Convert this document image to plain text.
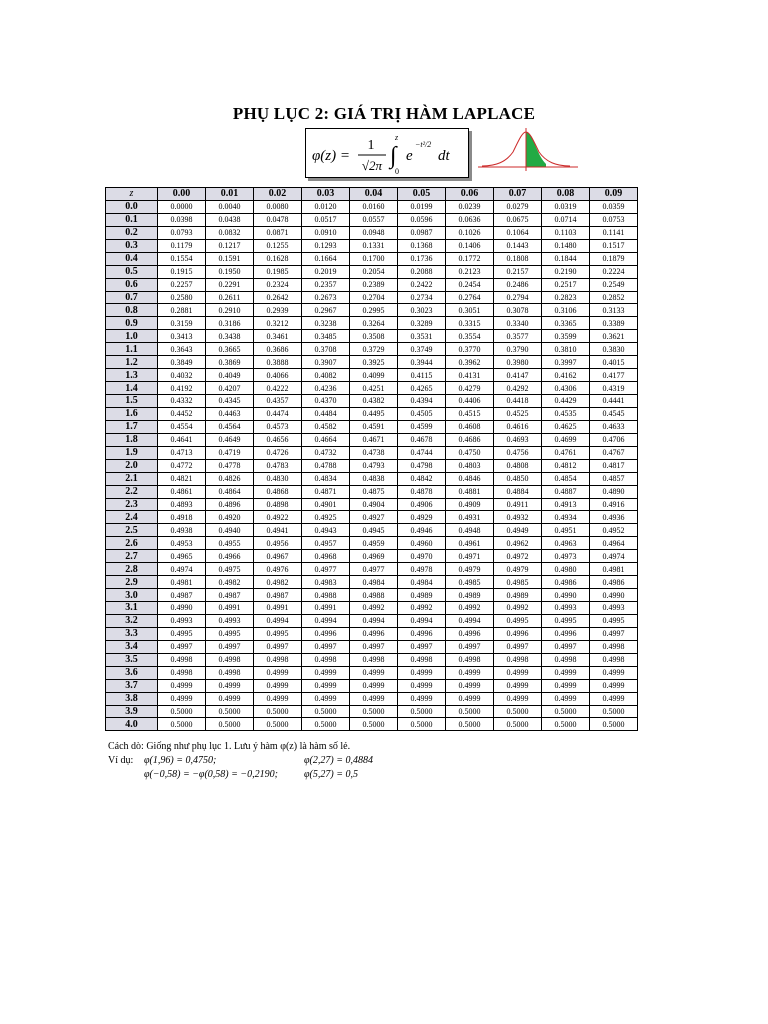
PHỤ LỤC 2: GIÁ TRỊ HÀM LAPLACE
φ(z) =
1
√2π ∫
z
0
e
−t²/2
dt
z	0.00	0.01	0.02	0.03	0.04	0.05	0.06	0.07	0.08	0.09
0.0	0.0000	0.0040	0.0080	0.0120	0.0160	0.0199	0.0239	0.0279	0.0319	0.0359
0.1	0.0398	0.0438	0.0478	0.0517	0.0557	0.0596	0.0636	0.0675	0.0714	0.0753
0.2	0.0793	0.0832	0.0871	0.0910	0.0948	0.0987	0.1026	0.1064	0.1103	0.1141
0.3	0.1179	0.1217	0.1255	0.1293	0.1331	0.1368	0.1406	0.1443	0.1480	0.1517
0.4	0.1554	0.1591	0.1628	0.1664	0.1700	0.1736	0.1772	0.1808	0.1844	0.1879
0.5	0.1915	0.1950	0.1985	0.2019	0.2054	0.2088	0.2123	0.2157	0.2190	0.2224
0.6	0.2257	0.2291	0.2324	0.2357	0.2389	0.2422	0.2454	0.2486	0.2517	0.2549
0.7	0.2580	0.2611	0.2642	0.2673	0.2704	0.2734	0.2764	0.2794	0.2823	0.2852
0.8	0.2881	0.2910	0.2939	0.2967	0.2995	0.3023	0.3051	0.3078	0.3106	0.3133
0.9	0.3159	0.3186	0.3212	0.3238	0.3264	0.3289	0.3315	0.3340	0.3365	0.3389
1.0	0.3413	0.3438	0.3461	0.3485	0.3508	0.3531	0.3554	0.3577	0.3599	0.3621
1.1	0.3643	0.3665	0.3686	0.3708	0.3729	0.3749	0.3770	0.3790	0.3810	0.3830
1.2	0.3849	0.3869	0.3888	0.3907	0.3925	0.3944	0.3962	0.3980	0.3997	0.4015
1.3	0.4032	0.4049	0.4066	0.4082	0.4099	0.4115	0.4131	0.4147	0.4162	0.4177
1.4	0.4192	0.4207	0.4222	0.4236	0.4251	0.4265	0.4279	0.4292	0.4306	0.4319
1.5	0.4332	0.4345	0.4357	0.4370	0.4382	0.4394	0.4406	0.4418	0.4429	0.4441
1.6	0.4452	0.4463	0.4474	0.4484	0.4495	0.4505	0.4515	0.4525	0.4535	0.4545
1.7	0.4554	0.4564	0.4573	0.4582	0.4591	0.4599	0.4608	0.4616	0.4625	0.4633
1.8	0.4641	0.4649	0.4656	0.4664	0.4671	0.4678	0.4686	0.4693	0.4699	0.4706
1.9	0.4713	0.4719	0.4726	0.4732	0.4738	0.4744	0.4750	0.4756	0.4761	0.4767
2.0	0.4772	0.4778	0.4783	0.4788	0.4793	0.4798	0.4803	0.4808	0.4812	0.4817
2.1	0.4821	0.4826	0.4830	0.4834	0.4838	0.4842	0.4846	0.4850	0.4854	0.4857
2.2	0.4861	0.4864	0.4868	0.4871	0.4875	0.4878	0.4881	0.4884	0.4887	0.4890
2.3	0.4893	0.4896	0.4898	0.4901	0.4904	0.4906	0.4909	0.4911	0.4913	0.4916
2.4	0.4918	0.4920	0.4922	0.4925	0.4927	0.4929	0.4931	0.4932	0.4934	0.4936
2.5	0.4938	0.4940	0.4941	0.4943	0.4945	0.4946	0.4948	0.4949	0.4951	0.4952
2.6	0.4953	0.4955	0.4956	0.4957	0.4959	0.4960	0.4961	0.4962	0.4963	0.4964
2.7	0.4965	0.4966	0.4967	0.4968	0.4969	0.4970	0.4971	0.4972	0.4973	0.4974
2.8	0.4974	0.4975	0.4976	0.4977	0.4977	0.4978	0.4979	0.4979	0.4980	0.4981
2.9	0.4981	0.4982	0.4982	0.4983	0.4984	0.4984	0.4985	0.4985	0.4986	0.4986
3.0	0.4987	0.4987	0.4987	0.4988	0.4988	0.4989	0.4989	0.4989	0.4990	0.4990
3.1	0.4990	0.4991	0.4991	0.4991	0.4992	0.4992	0.4992	0.4992	0.4993	0.4993
3.2	0.4993	0.4993	0.4994	0.4994	0.4994	0.4994	0.4994	0.4995	0.4995	0.4995
3.3	0.4995	0.4995	0.4995	0.4996	0.4996	0.4996	0.4996	0.4996	0.4996	0.4997
3.4	0.4997	0.4997	0.4997	0.4997	0.4997	0.4997	0.4997	0.4997	0.4997	0.4998
3.5	0.4998	0.4998	0.4998	0.4998	0.4998	0.4998	0.4998	0.4998	0.4998	0.4998
3.6	0.4998	0.4998	0.4999	0.4999	0.4999	0.4999	0.4999	0.4999	0.4999	0.4999
3.7	0.4999	0.4999	0.4999	0.4999	0.4999	0.4999	0.4999	0.4999	0.4999	0.4999
3.8	0.4999	0.4999	0.4999	0.4999	0.4999	0.4999	0.4999	0.4999	0.4999	0.4999
3.9	0.5000	0.5000	0.5000	0.5000	0.5000	0.5000	0.5000	0.5000	0.5000	0.5000
4.0	0.5000	0.5000	0.5000	0.5000	0.5000	0.5000	0.5000	0.5000	0.5000	0.5000
Cách dò: Giống như phụ lục 1. Lưu ý hàm φ(z) là hàm số lẻ.
Ví dụ: φ(1,96) = 0,4750;	φ(2,27) = 0,4884
φ(−0,58) = −φ(0,58) = −0,2190;	φ(5,27) = 0,5
